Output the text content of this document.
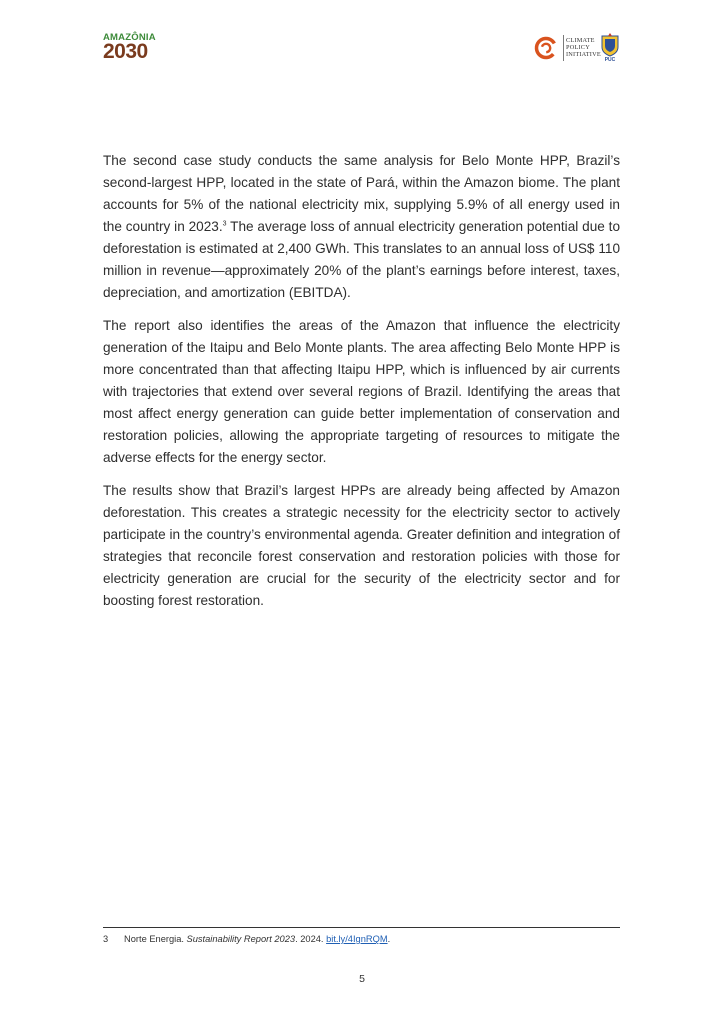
AMAZÔNIA
2030	CLIMATE
POLICY
INITIATIVE
PUC

The second case study conducts the same analysis for Belo Monte HPP, Brazil’s second-largest HPP, located in the state of Pará, within the Amazon biome. The plant accounts for 5% of the national electricity mix, supplying 5.9% of all energy used in the country in 2023.$^3$ The average loss of annual electricity generation potential due to deforestation is estimated at 2,400 GWh. This translates to an annual loss of US$ 110 million in revenue—approximately 20% of the plant’s earnings before interest, taxes, depreciation, and amortization (EBITDA).

The report also identifies the areas of the Amazon that influence the electricity generation of the Itaipu and Belo Monte plants. The area affecting Belo Monte HPP is more concentrated than that affecting Itaipu HPP, which is influenced by air currents with trajectories that extend over several regions of Brazil. Identifying the areas that most affect energy generation can guide better implementation of conservation and restoration policies, allowing the appropriate targeting of resources to mitigate the adverse effects for the energy sector.

The results show that Brazil’s largest HPPs are already being affected by Amazon deforestation. This creates a strategic necessity for the electricity sector to actively participate in the country’s environmental agenda. Greater definition and integration of strategies that reconcile forest conservation and restoration policies with those for electricity generation are crucial for the security of the electricity sector and for boosting forest restoration.

3 Norte Energia. Sustainability Report 2023. 2024. bit.ly/4IgnRQM.
5
